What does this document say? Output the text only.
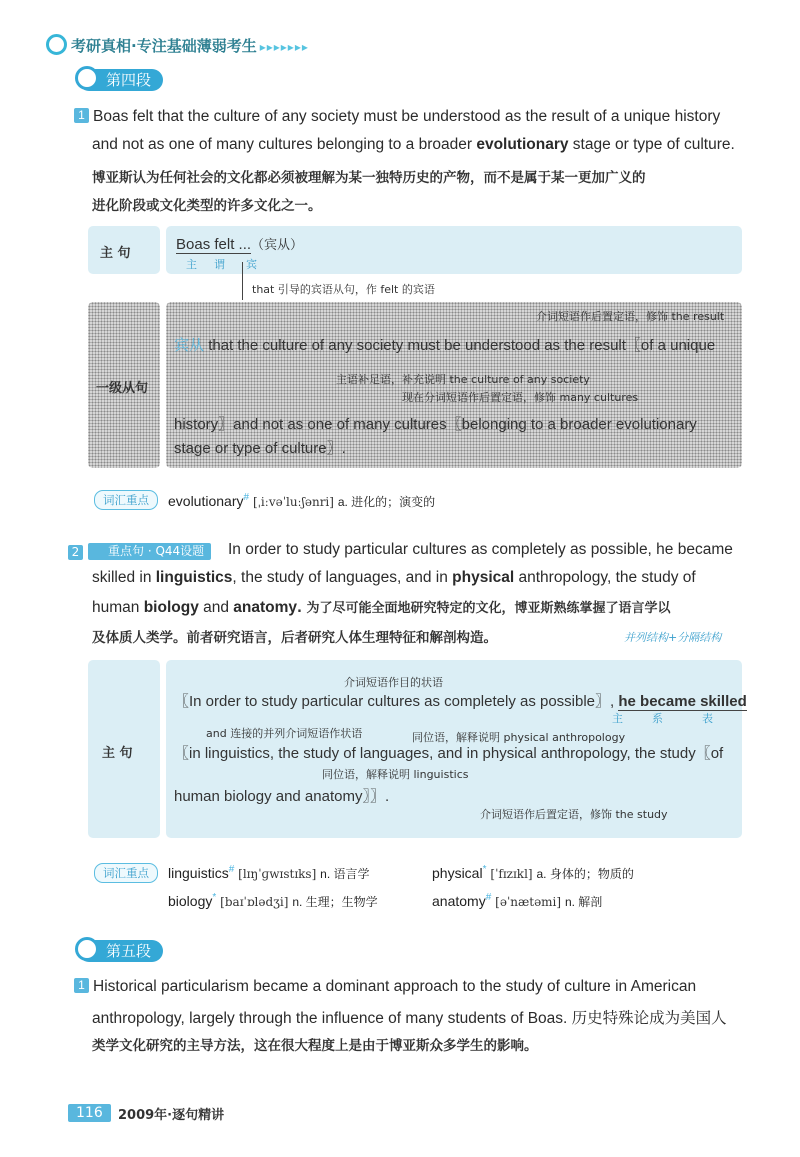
考研真相·专注基础薄弱考生 ▸▸▸▸▸▸▸
第四段
1 Boas felt that the culture of any society must be understood as the result of a unique history
and not as one of many cultures belonging to a broader evolutionary stage or type of culture.
博亚斯认为任何社会的文化都必须被理解为某一独特历史的产物，而不是属于某一更加广义的
进化阶段或文化类型的许多文化之一。
主 句
Boas felt ...（宾从）
主 谓 宾
that 引导的宾语从句，作 felt 的宾语
一级从句
介词短语作后置定语，修饰 the result
宾从 that the culture of any society must be understood as the result〖of a unique
主语补足语，补充说明 the culture of any society
现在分词短语作后置定语，修饰 many cultures
history〗and not as one of many cultures〖belonging to a broader evolutionary
stage or type of culture〗.
词汇重点	evolutionary# [ˌiːvəˈluːʃənri] a. 进化的；演变的
2	重点句 · Q44设题	In order to study particular cultures as completely as possible, he became
skilled in linguistics, the study of languages, and in physical anthropology, the study of
human biology and anatomy. 为了尽可能全面地研究特定的文化，博亚斯熟练掌握了语言学以
及体质人类学。前者研究语言，后者研究人体生理特征和解剖构造。	并列结构+分隔结构
主 句
介词短语作目的状语
〖In order to study particular cultures as completely as possible〗, he became skilled
主	系	表
and 连接的并列介词短语作状语	同位语，解释说明 physical anthropology
〖in linguistics, the study of languages, and in physical anthropology, the study〖of
同位语，解释说明 linguistics
human biology and anatomy〗〗.
介词短语作后置定语，修饰 the study
词汇重点	linguistics# [lɪŋˈɡwɪstɪks] n. 语言学	physical* [ˈfɪzɪkl] a. 身体的；物质的
biology* [baɪˈɒlədʒi] n. 生理；生物学	anatomy# [əˈnætəmi] n. 解剖
第五段
1 Historical particularism became a dominant approach to the study of culture in American
anthropology, largely through the influence of many students of Boas. 历史特殊论成为美国人
类学文化研究的主导方法，这在很大程度上是由于博亚斯众多学生的影响。
116	2009年·逐句精讲
